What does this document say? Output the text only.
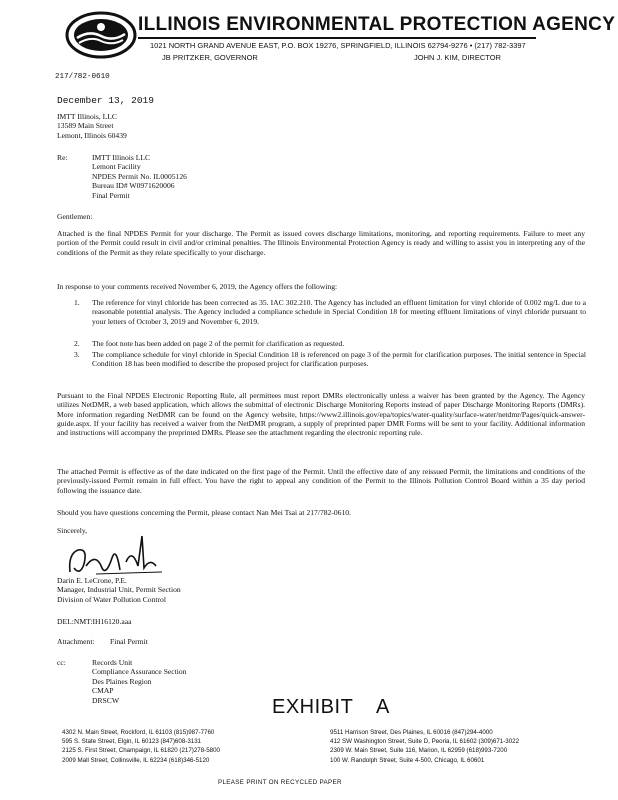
ILLINOIS ENVIRONMENTAL PROTECTION AGENCY
1021 NORTH GRAND AVENUE EAST, P.O. BOX 19276, SPRINGFIELD, ILLINOIS 62794-9276 • (217) 782-3397
JB PRITZKER, GOVERNOR	JOHN J. KIM, DIRECTOR
217/782-0610
December 13, 2019
IMTT Illinois, LLC
13589 Main Street
Lemont, Illinois 60439
Re:	IMTT Illinois LLC
Lemont Facility
NPDES Permit No. IL0005126
Bureau ID# W0971620006
Final Permit
Gentlemen:
Attached is the final NPDES Permit for your discharge. The Permit as issued covers discharge limitations, monitoring, and reporting requirements. Failure to meet any portion of the Permit could result in civil and/or criminal penalties. The Illinois Environmental Protection Agency is ready and willing to assist you in interpreting any of the conditions of the Permit as they relate specifically to your discharge.
In response to your comments received November 6, 2019, the Agency offers the following:
1. The reference for vinyl chloride has been corrected as 35. IAC 302.210. The Agency has included an effluent limitation for vinyl chloride of 0.002 mg/L due to a reasonable potential analysis. The Agency included a compliance schedule in Special Condition 18 for meeting effluent limitations of vinyl chloride pursuant to your letters of October 3, 2019 and November 6, 2019.
2. The foot note has been added on page 2 of the permit for clarification as requested.
3. The compliance schedule for vinyl chloride in Special Condition 18 is referenced on page 3 of the permit for clarification purposes. The initial sentence in Special Condition 18 has been modified to describe the proposed project for clarification purposes.
Pursuant to the Final NPDES Electronic Reporting Rule, all permittees must report DMRs electronically unless a waiver has been granted by the Agency. The Agency utilizes NetDMR, a web based application, which allows the submittal of electronic Discharge Monitoring Reports instead of paper Discharge Monitoring Reports (DMRs). More information regarding NetDMR can be found on the Agency website, https://www2.illinois.gov/epa/topics/water-quality/surface-water/netdmr/Pages/quick-answer-guide.aspx. If your facility has received a waiver from the NetDMR program, a supply of preprinted paper DMR Forms will be sent to your facility. Additional information and instructions will accompany the preprinted DMRs. Please see the attachment regarding the electronic reporting rule.
The attached Permit is effective as of the date indicated on the first page of the Permit. Until the effective date of any reissued Permit, the limitations and conditions of the previously-issued Permit remain in full effect. You have the right to appeal any condition of the Permit to the Illinois Pollution Control Board within a 35 day period following the issuance date.
Should you have questions concerning the Permit, please contact Nan Mei Tsai at 217/782-0610.
Sincerely,
Darin E. LeCrone, P.E.
Manager, Industrial Unit, Permit Section
Division of Water Pollution Control
DEL:NMT:IH16120.aaa
Attachment: Final Permit
cc:	Records Unit
Compliance Assurance Section
Des Plaines Region
CMAP
DRSCW	EXHIBIT    A
4302 N. Main Street, Rockford, IL 61103 (815)987-7760
595 S. State Street, Elgin, IL 60123 (847)608-3131
2125 S. First Street, Champaign, IL 61820 (217)278-5800
2009 Mall Street, Collinsville, IL 62234 (618)346-5120
9511 Harrison Street, Des Plaines, IL 60016 (847)294-4000
412 SW Washington Street, Suite D, Peoria, IL 61602 (309)671-3022
2309 W. Main Street, Suite 116, Marion, IL 62959 (618)993-7200
100 W. Randolph Street, Suite 4-500, Chicago, IL 60601
PLEASE PRINT ON RECYCLED PAPER
